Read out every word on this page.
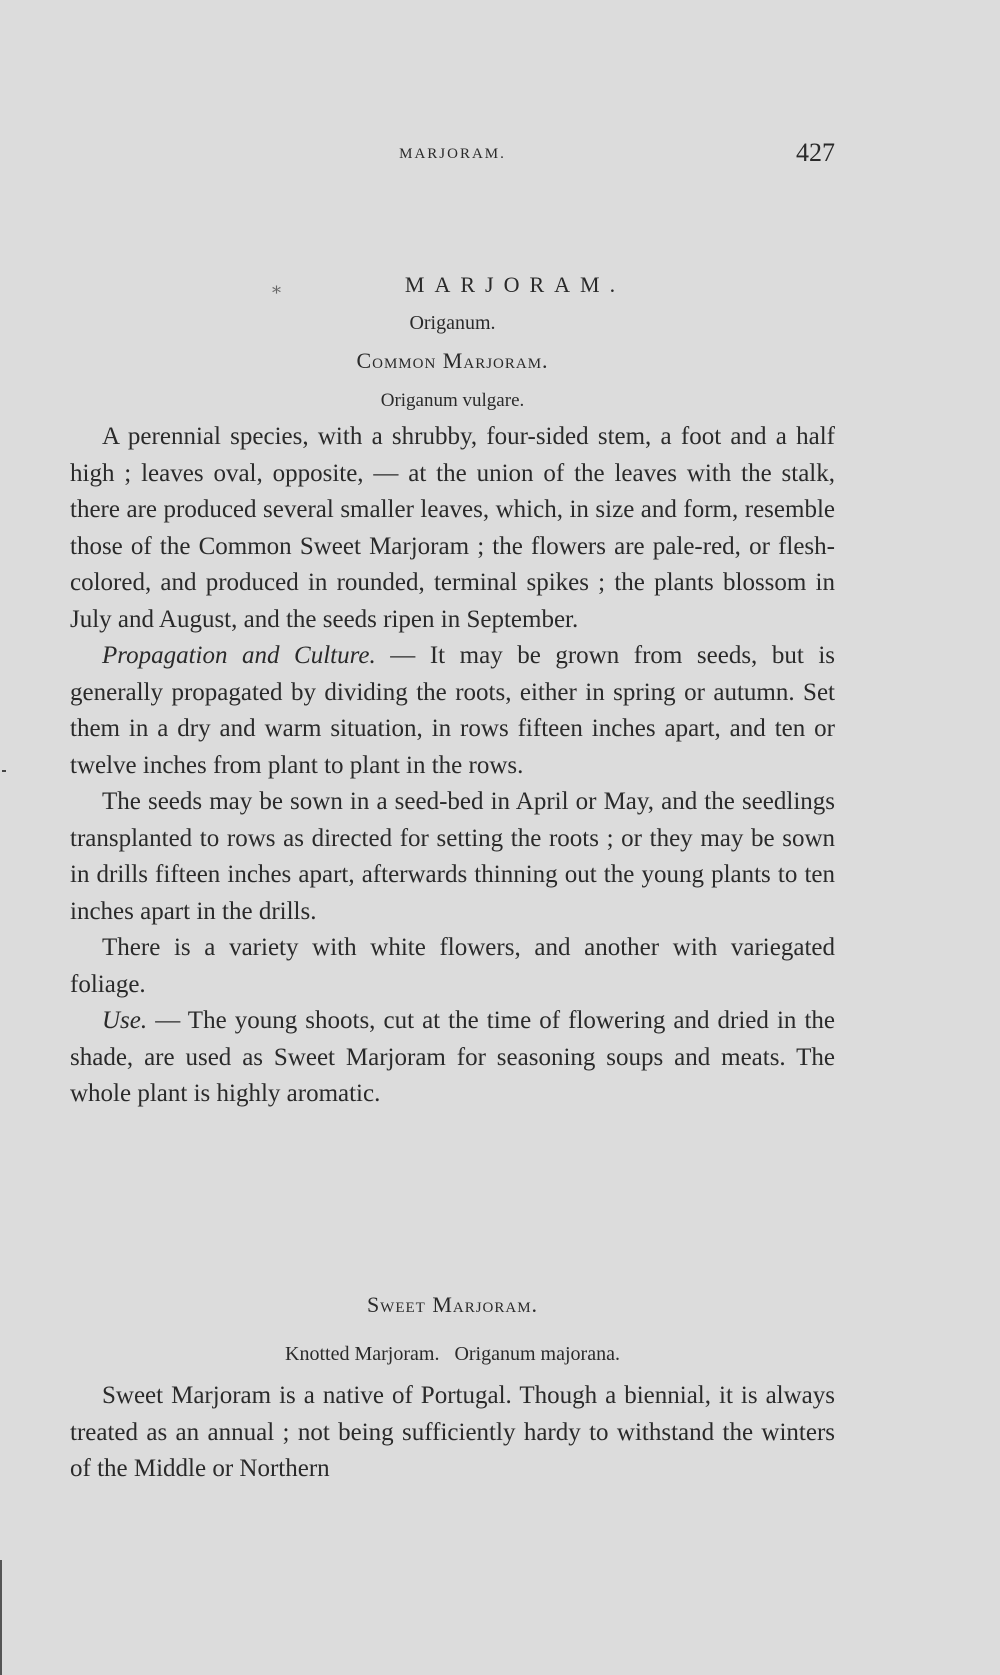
MARJORAM.	427
*	MARJORAM.
Origanum.
Common Marjoram.
Origanum vulgare.

A perennial species, with a shrubby, four-sided stem, a foot and a half high ; leaves oval, opposite, — at the union of the leaves with the stalk, there are produced several smaller leaves, which, in size and form, resemble those of the Common Sweet Marjoram ; the flowers are pale-red, or flesh-colored, and produced in rounded, terminal spikes ; the plants blossom in July and August, and the seeds ripen in September.

Propagation and Culture. — It may be grown from seeds, but is generally propagated by dividing the roots, either in spring or autumn. Set them in a dry and warm situation, in rows fifteen inches apart, and ten or twelve inches from plant to plant in the rows.

The seeds may be sown in a seed-bed in April or May, and the seedlings transplanted to rows as directed for setting the roots ; or they may be sown in drills fifteen inches apart, afterwards thinning out the young plants to ten inches apart in the drills.

There is a variety with white flowers, and another with variegated foliage.

Use. — The young shoots, cut at the time of flowering and dried in the shade, are used as Sweet Marjoram for seasoning soups and meats. The whole plant is highly aromatic.

Sweet Marjoram.
Knotted Marjoram.   Origanum majorana.

Sweet Marjoram is a native of Portugal. Though a biennial, it is always treated as an annual ; not being sufficiently hardy to withstand the winters of the Middle or Northern
